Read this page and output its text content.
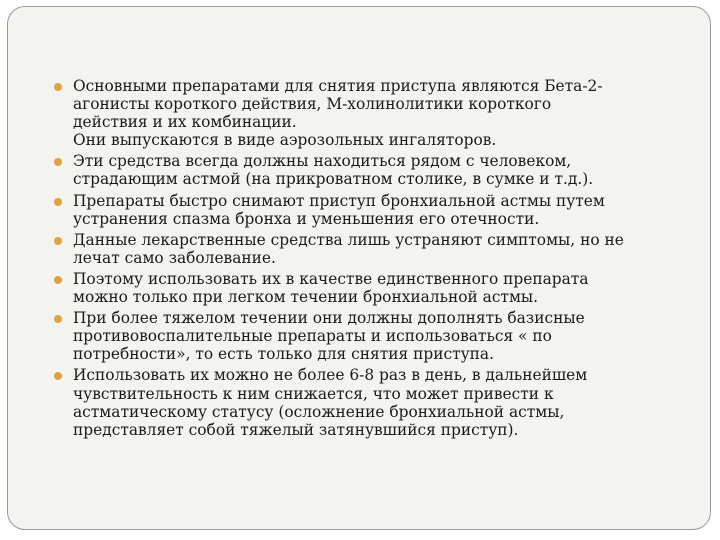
Основными препаратами для снятия приступа являются Бета-2-
агонисты короткого действия, М-холинолитики короткого
действия и их комбинации.
Они выпускаются в виде аэрозольных ингаляторов.
Эти средства всегда должны находиться рядом с человеком,
страдающим астмой (на прикроватном столике, в сумке и т.д.).
Препараты быстро снимают приступ бронхиальной астмы путем
устранения спазма бронха и уменьшения его отечности.
Данные лекарственные средства лишь устраняют симптомы, но не
лечат само заболевание.
Поэтому использовать их в качестве единственного препарата
можно только при легком течении бронхиальной астмы.
При более тяжелом течении они должны дополнять базисные
противовоспалительные препараты и использоваться « по
потребности», то есть только для снятия приступа.
Использовать их можно не более 6-8 раз в день, в дальнейшем
чувствительность к ним снижается, что может привести к
астматическому статусу (осложнение бронхиальной астмы,
представляет собой тяжелый затянувшийся приступ).
